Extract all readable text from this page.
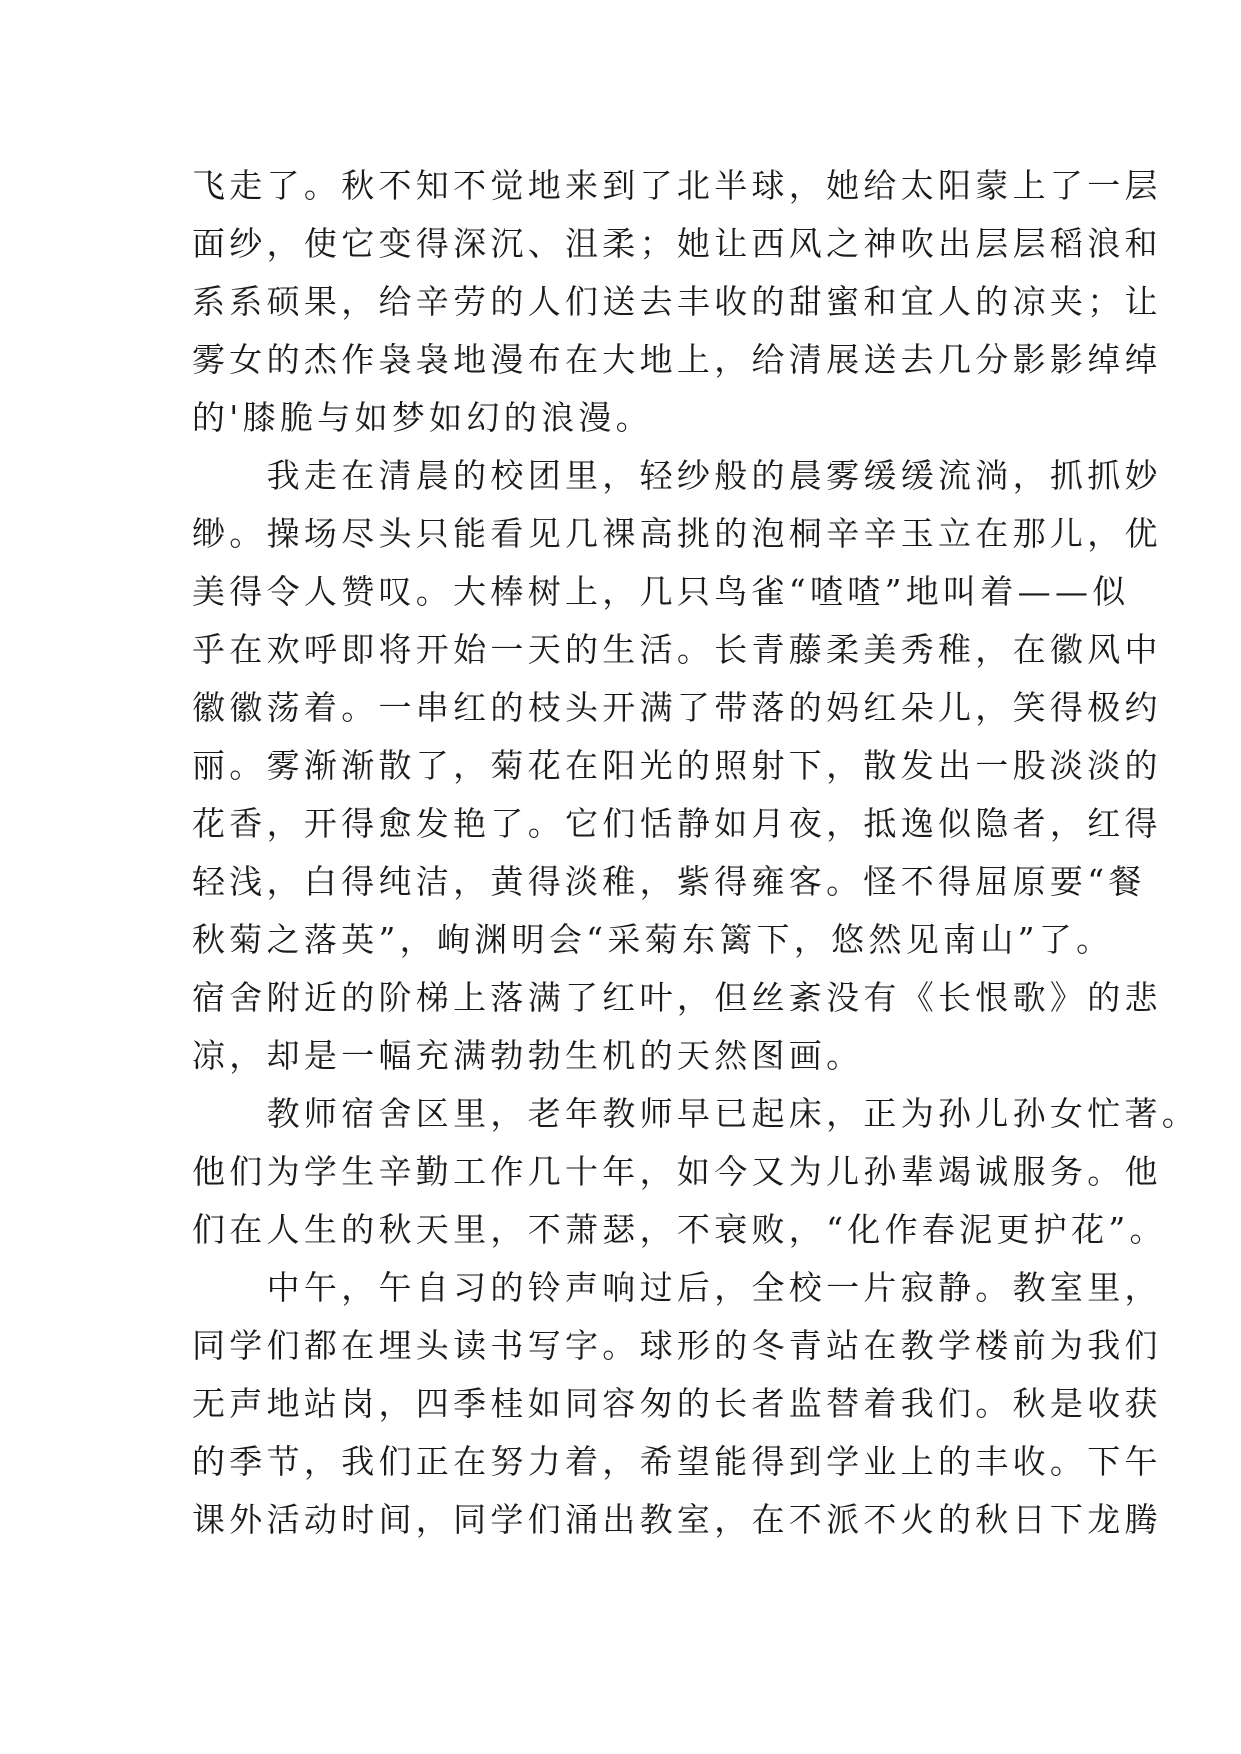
飞走了。秋不知不觉地来到了北半球，她给太阳蒙上了一层
面纱，使它变得深沉、沮柔；她让西风之神吹出层层稻浪和
系系硕果，给辛劳的人们送去丰收的甜蜜和宜人的凉夹；让
雾女的杰作袅袅地漫布在大地上，给清展送去几分影影绰绰
的'膝脆与如梦如幻的浪漫。
　　我走在清晨的校团里，轻纱般的晨雾缓缓流淌，抓抓妙
缈。操场尽头只能看见几裸高挑的泡桐辛辛玉立在那儿，优
美得令人赞叹。大棒树上，几只鸟雀“喳喳”地叫着——似
乎在欢呼即将开始一天的生活。长青藤柔美秀稚，在徽风中
徽徽荡着。一串红的枝头开满了带落的妈红朵儿，笑得极约
丽。雾渐渐散了，菊花在阳光的照射下，散发出一股淡淡的
花香，开得愈发艳了。它们恬静如月夜，抵逸似隐者，红得
轻浅，白得纯洁，黄得淡稚，紫得雍客。怪不得屈原要“餐
秋菊之落英”，峋渊明会“采菊东篱下，悠然见南山”了。
宿舍附近的阶梯上落满了红叶，但丝紊没有《长恨歌》的悲
凉，却是一幅充满勃勃生机的天然图画。
　　教师宿舍区里，老年教师早已起床，正为孙儿孙女忙著。
他们为学生辛勤工作几十年，如今又为儿孙辈竭诚服务。他
们在人生的秋天里，不萧瑟，不衰败，“化作春泥更护花”。
　　中午，午自习的铃声响过后，全校一片寂静。教室里，
同学们都在埋头读书写字。球形的冬青站在教学楼前为我们
无声地站岗，四季桂如同容匆的长者监替着我们。秋是收获
的季节，我们正在努力着，希望能得到学业上的丰收。下午
课外活动时间，同学们涌出教室，在不派不火的秋日下龙腾
